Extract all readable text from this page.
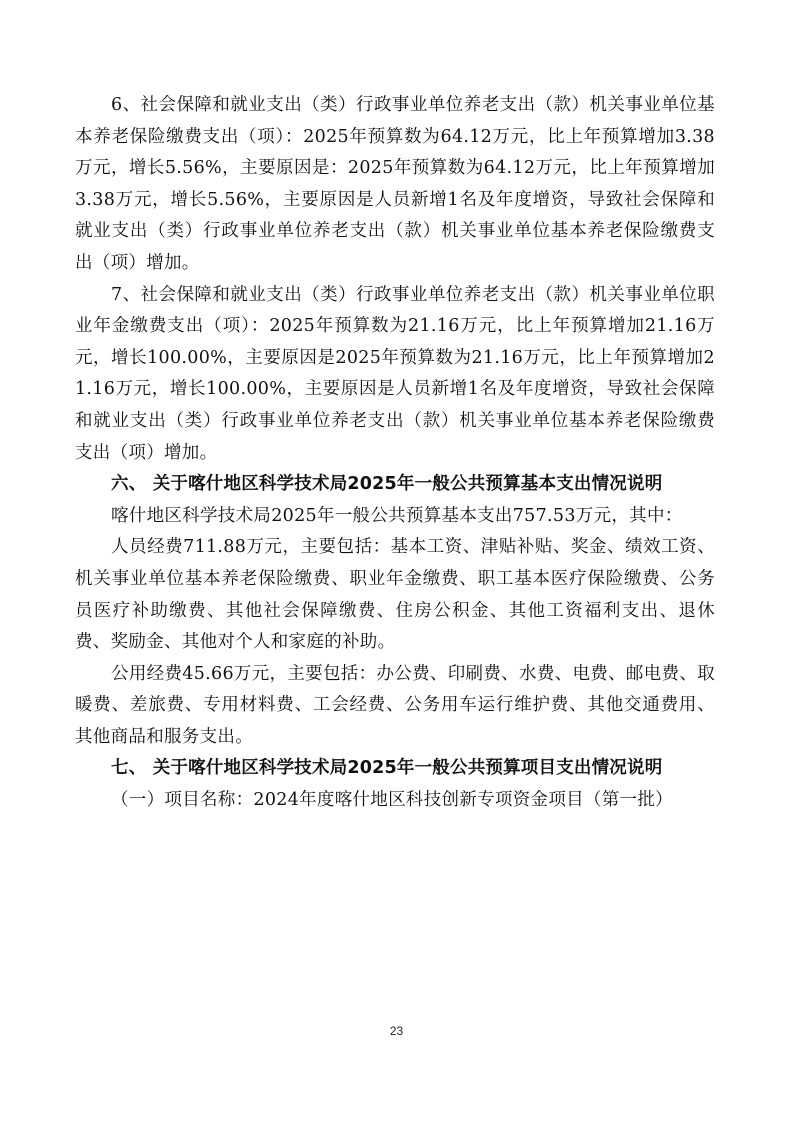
6、社会保障和就业支出（类）行政事业单位养老支出（款）机关事业单位基本养老保险缴费支出（项）：2025年预算数为64.12万元，比上年预算增加3.38万元，增长5.56%，主要原因是：2025年预算数为64.12万元，比上年预算增加3.38万元，增长5.56%，主要原因是人员新增1名及年度增资，导致社会保障和就业支出（类）行政事业单位养老支出（款）机关事业单位基本养老保险缴费支出（项）增加。

7、社会保障和就业支出（类）行政事业单位养老支出（款）机关事业单位职业年金缴费支出（项）：2025年预算数为21.16万元，比上年预算增加21.16万元，增长100.00%，主要原因是2025年预算数为21.16万元，比上年预算增加21.16万元，增长100.00%，主要原因是人员新增1名及年度增资，导致社会保障和就业支出（类）行政事业单位养老支出（款）机关事业单位基本养老保险缴费支出（项）增加。

六、 关于喀什地区科学技术局2025年一般公共预算基本支出情况说明

喀什地区科学技术局2025年一般公共预算基本支出757.53万元，其中：

人员经费711.88万元，主要包括：基本工资、津贴补贴、奖金、绩效工资、机关事业单位基本养老保险缴费、职业年金缴费、职工基本医疗保险缴费、公务员医疗补助缴费、其他社会保障缴费、住房公积金、其他工资福利支出、退休费、奖励金、其他对个人和家庭的补助。

公用经费45.66万元，主要包括：办公费、印刷费、水费、电费、邮电费、取暖费、差旅费、专用材料费、工会经费、公务用车运行维护费、其他交通费用、其他商品和服务支出。

七、 关于喀什地区科学技术局2025年一般公共预算项目支出情况说明

（一）项目名称：2024年度喀什地区科技创新专项资金项目（第一批）

23
